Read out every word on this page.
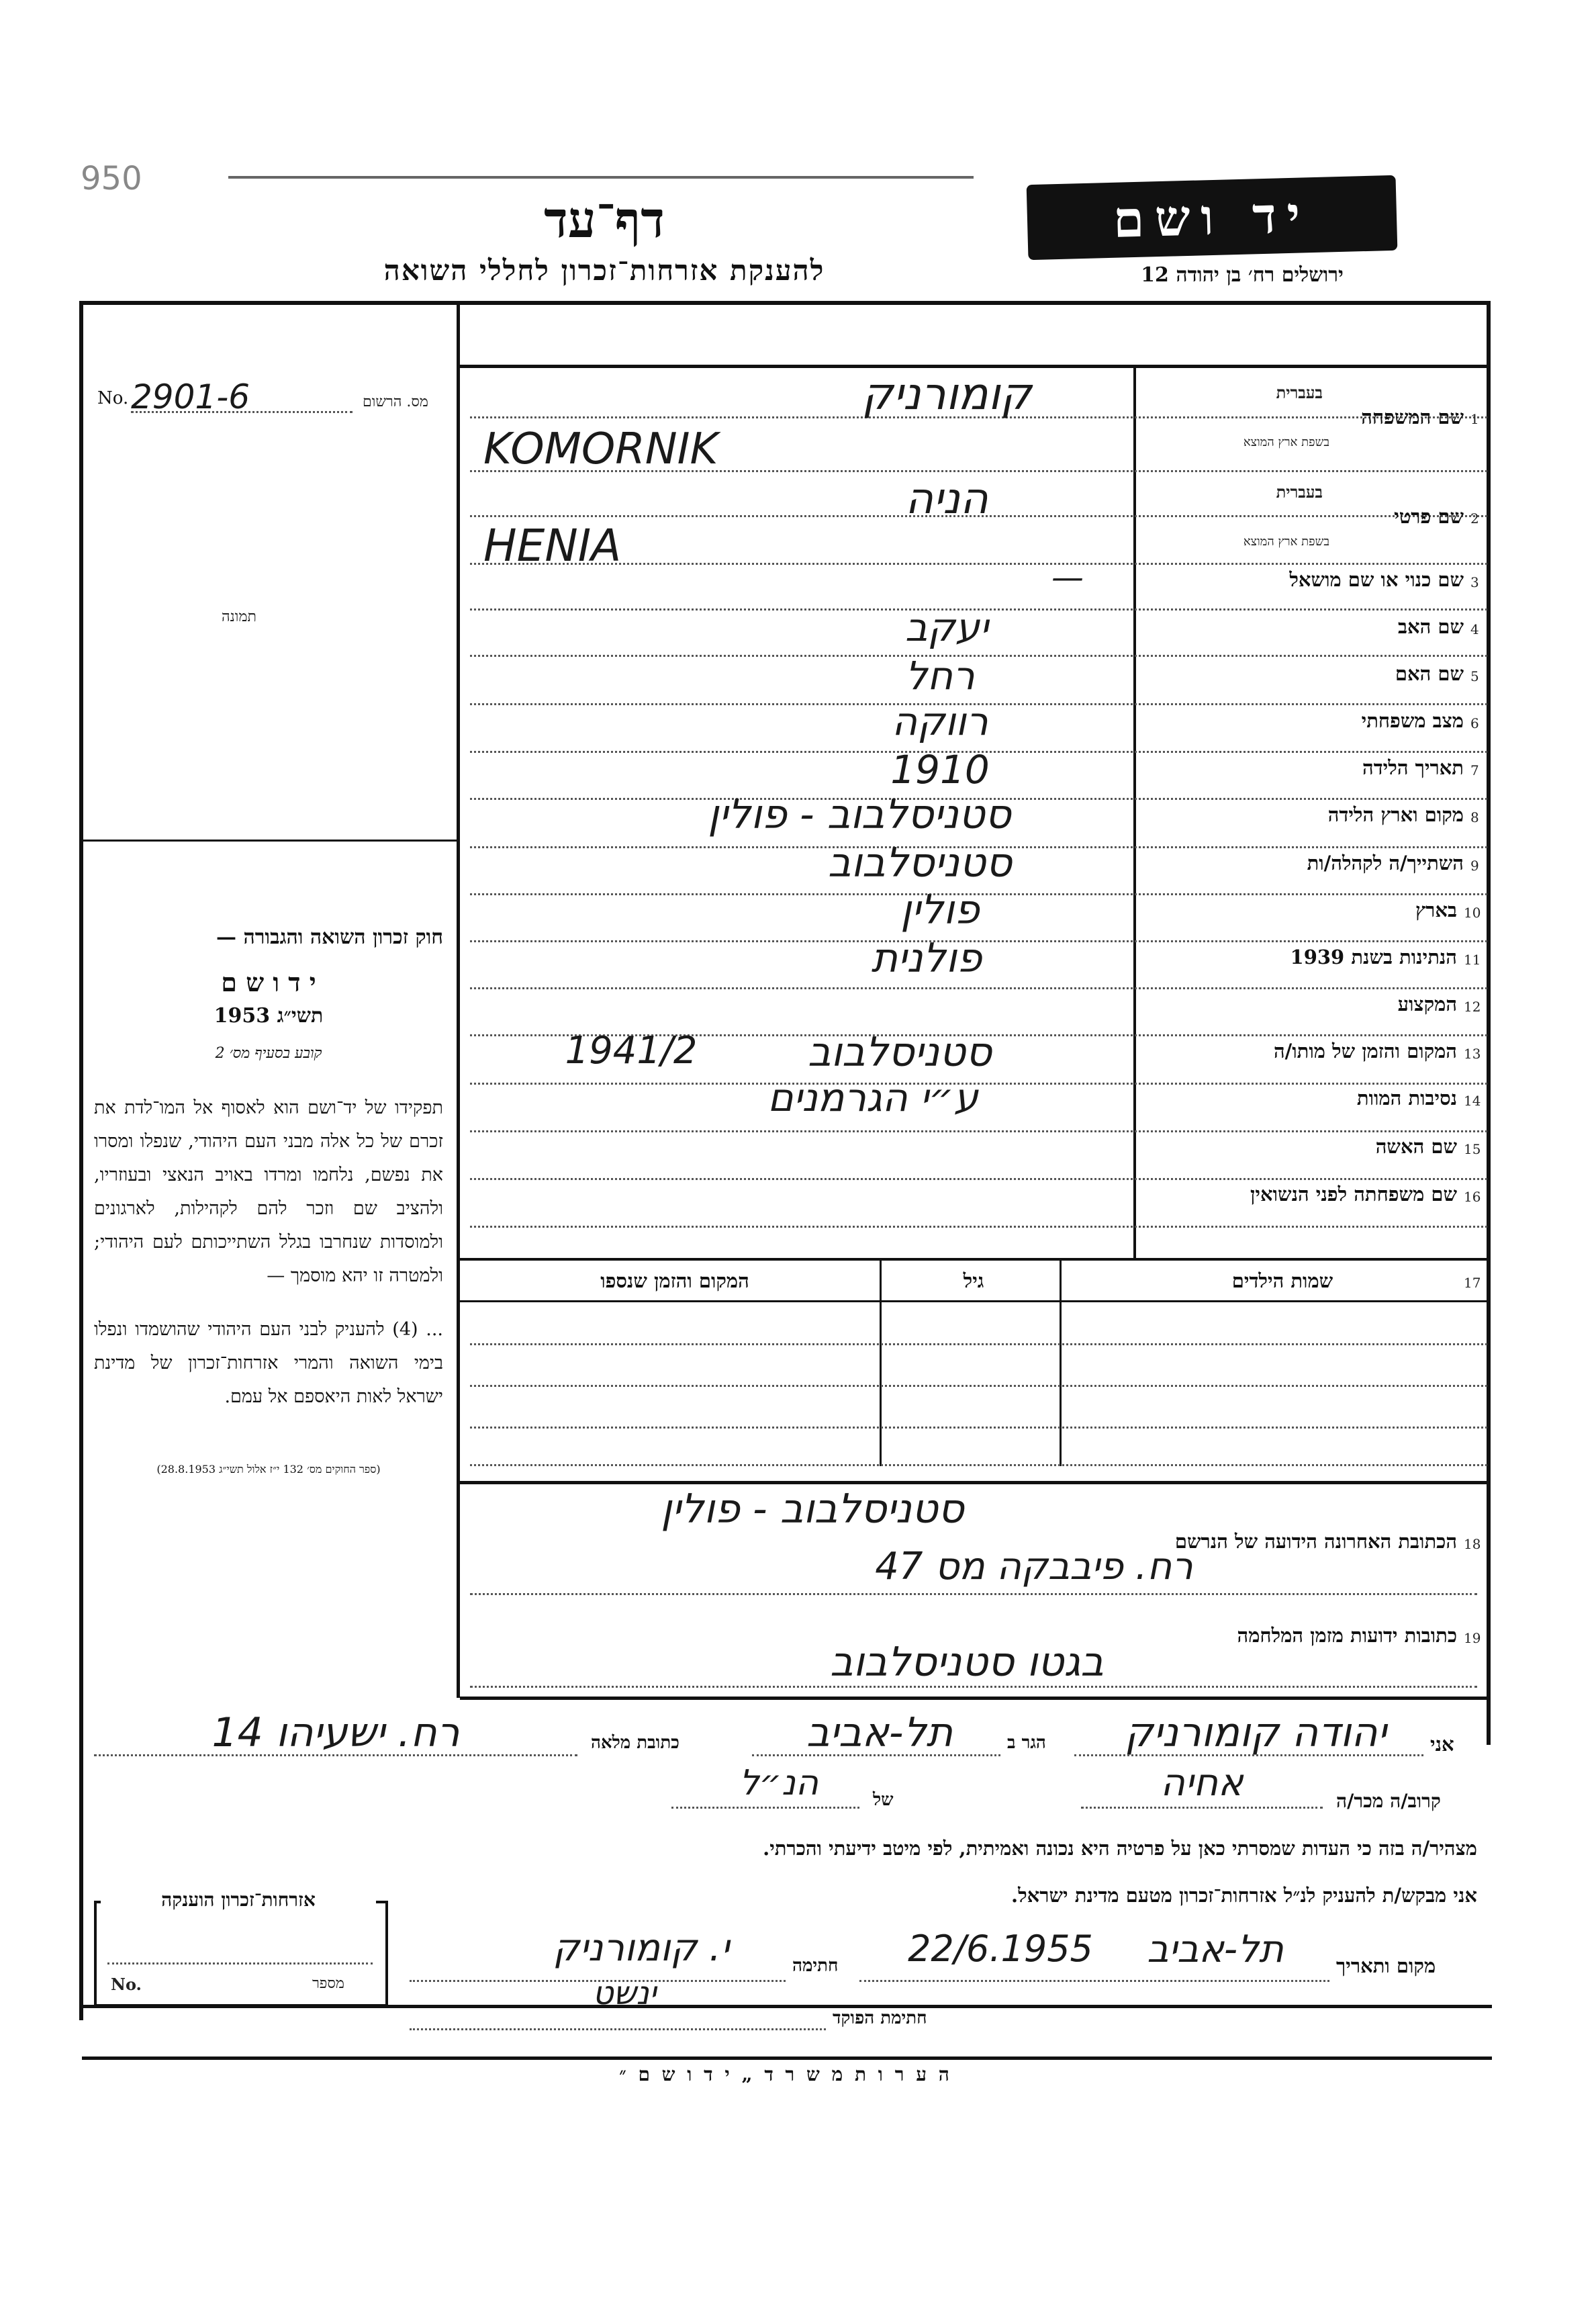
950
יד ושם
ירושלים רח׳ בן יהודה 12
דף־עד
להענקת אזרחות־זכרון לחללי השואה
No. 2901-6	מס. הרשום
תמונה
חוק זכרון השואה והגבורה —
י ד ו ש ם
תשי״ג 1953
קובע בסעיף מס׳ 2
תפקידו של יד־ושם הוא לאסוף אל המו־לדת את זכרם של כל אלה מבני העם היהודי, שנפלו ומסרו את נפשם, נלחמו ומרדו באויב הנאצי ובעוזריו, ולהציב שם וזכר להם לקהילות, לארגונים ולמוסדות שנחרבו בגלל השתייכותם לעם היהודי; ולמטרה זו יהא מוסמך —
... (4) להעניק לבני העם היהודי שהושמדו ונפלו בימי השואה והמרי אזרחות־זכרון של מדינת ישראל לאות היאספם אל עמם.
(ספר החוקים מס׳ 132 י״ז אלול תשי״ג 28.8.1953)
1
שם המשפחה
בעברית
בשפת ארץ המוצא
2
שם פרטי
בעברית
בשפת ארץ המוצא
3
שם כנוי או שם מושאל
4
שם האב
5
שם האם
6
מצב משפחתי
7
תאריך הלידה
8
מקום וארץ הלידה
9
השתייך/ה לקהלה/ות
10
בארץ
11
הנתינות בשנת 1939
12
המקצוע
13
המקום והזמן של מותו/ה
14
נסיבות המוות
15
שם האשה
16
שם משפחתה לפני הנשואין
קומורניק
KOMORNIK
הניה
HENIA
—
יעקב
רחל
רווקה
1910
סטניסלבוב - פולין
סטניסלבוב
פולין
פולנית
סטניסלבוב
1941/2
ע״י הגרמנים
17
שמות הילדים
גיל
המקום והזמן שנספו
18
הכתובת האחרונה הידועה של הנרשם
סטניסלבוב - פולין
רח. פיבבקה מס 47
19
כתובות ידועות מזמן המלחמה
בגטו סטניסלבוב
אני
יהודה קומורניק
הגר ב
תל-אביב
כתובת מלאה
רח. ישעיהו 14
קרוב/ה מכר/ה
אחיה
של
הנ״ל
מצהיר/ה בזה כי העדות שמסרתי כאן על פרטיה היא נכונה ואמיתית, לפי מיטב ידיעתי והכרתי.
אני מבקש/ת להעניק לנ״ל אזרחות־זכרון מטעם מדינת ישראל.
מקום ותאריך
תל-אביב
22/6.1955
חתימה
י. קומורניק
חתימת הפוקד
ינשט
אזרחות־זכרון הוענקה
No.	מספר
ה ע ר ו ת מ ש ר ד „ י ד ו ש ם ״
